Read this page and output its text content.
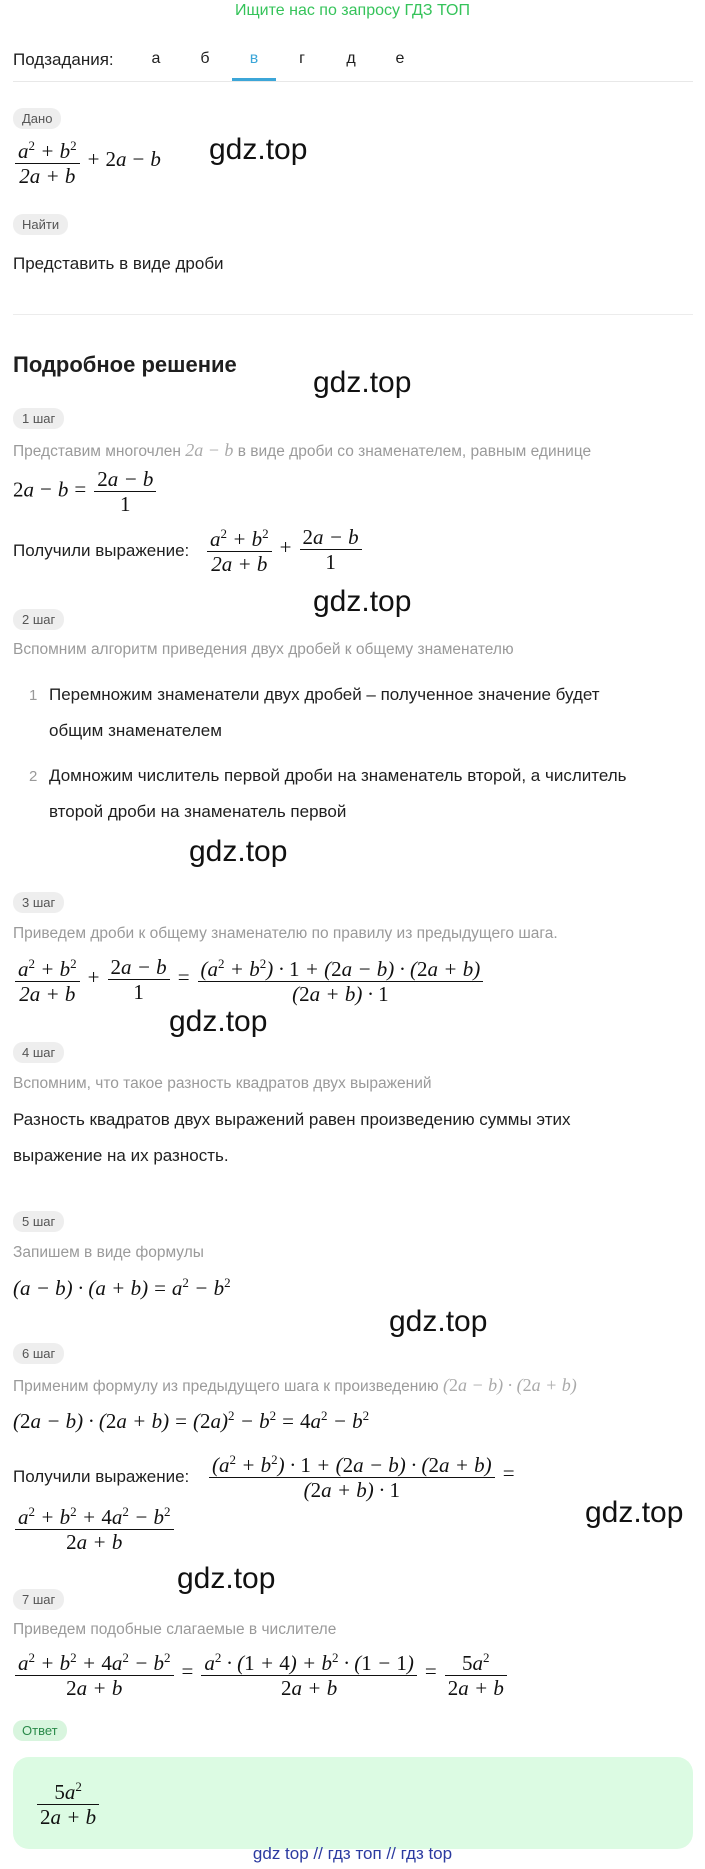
Ищите нас по запросу ГДЗ ТОП
Подзадания:	а	б	в	г	д	е
Дано
$\frac{a^2 + b^2}{2a + b} + 2a - b$ gdz.top
Найти
Представить в виде дроби
Подробное решение
gdz.top
1 шаг
Представим многочлен 2a − b в виде дроби со знаменателем, равным единице
$2a - b = \frac{2a - b}{1}$
Получили выражение: $\frac{a^2 + b^2}{2a + b} + \frac{2a - b}{1}$
gdz.top
2 шаг
Вспомним алгоритм приведения двух дробей к общему знаменателю
1 Перемножим знаменатели двух дробей – полученное значение будет
общим знаменателем
2 Домножим числитель первой дроби на знаменатель второй, а числитель
второй дроби на знаменатель первой
gdz.top
3 шаг
Приведем дроби к общему знаменателю по правилу из предыдущего шага.
$\frac{a^2 + b^2}{2a + b} + \frac{2a - b}{1} = \frac{(a^2 + b^2) \cdot 1 + (2a - b) \cdot (2a + b)}{(2a + b) \cdot 1}$
gdz.top
4 шаг
Вспомним, что такое разность квадратов двух выражений
Разность квадратов двух выражений равен произведению суммы этих
выражение на их разность.
5 шаг
Запишем в виде формулы
$(a - b) \cdot (a + b) = a^2 - b^2$
gdz.top
6 шаг
Применим формулу из предыдущего шага к произведению (2a − b) · (2a + b)
$(2a - b) \cdot (2a + b) = (2a)^2 - b^2 = 4a^2 - b^2$
Получили выражение: $\frac{(a^2 + b^2) \cdot 1 + (2a - b) \cdot (2a + b)}{(2a + b) \cdot 1}$ =
$\frac{a^2 + b^2 + 4a^2 - b^2}{2a + b}$	gdz.top
gdz.top
7 шаг
Приведем подобные слагаемые в числителе
$\frac{a^2 + b^2 + 4a^2 - b^2}{2a + b} = \frac{a^2 \cdot (1 + 4) + b^2 \cdot (1 - 1)}{2a + b} = \frac{5a^2}{2a + b}$
Ответ
$\frac{5a^2}{2a + b}$
gdz top // гдз топ // гдз top
